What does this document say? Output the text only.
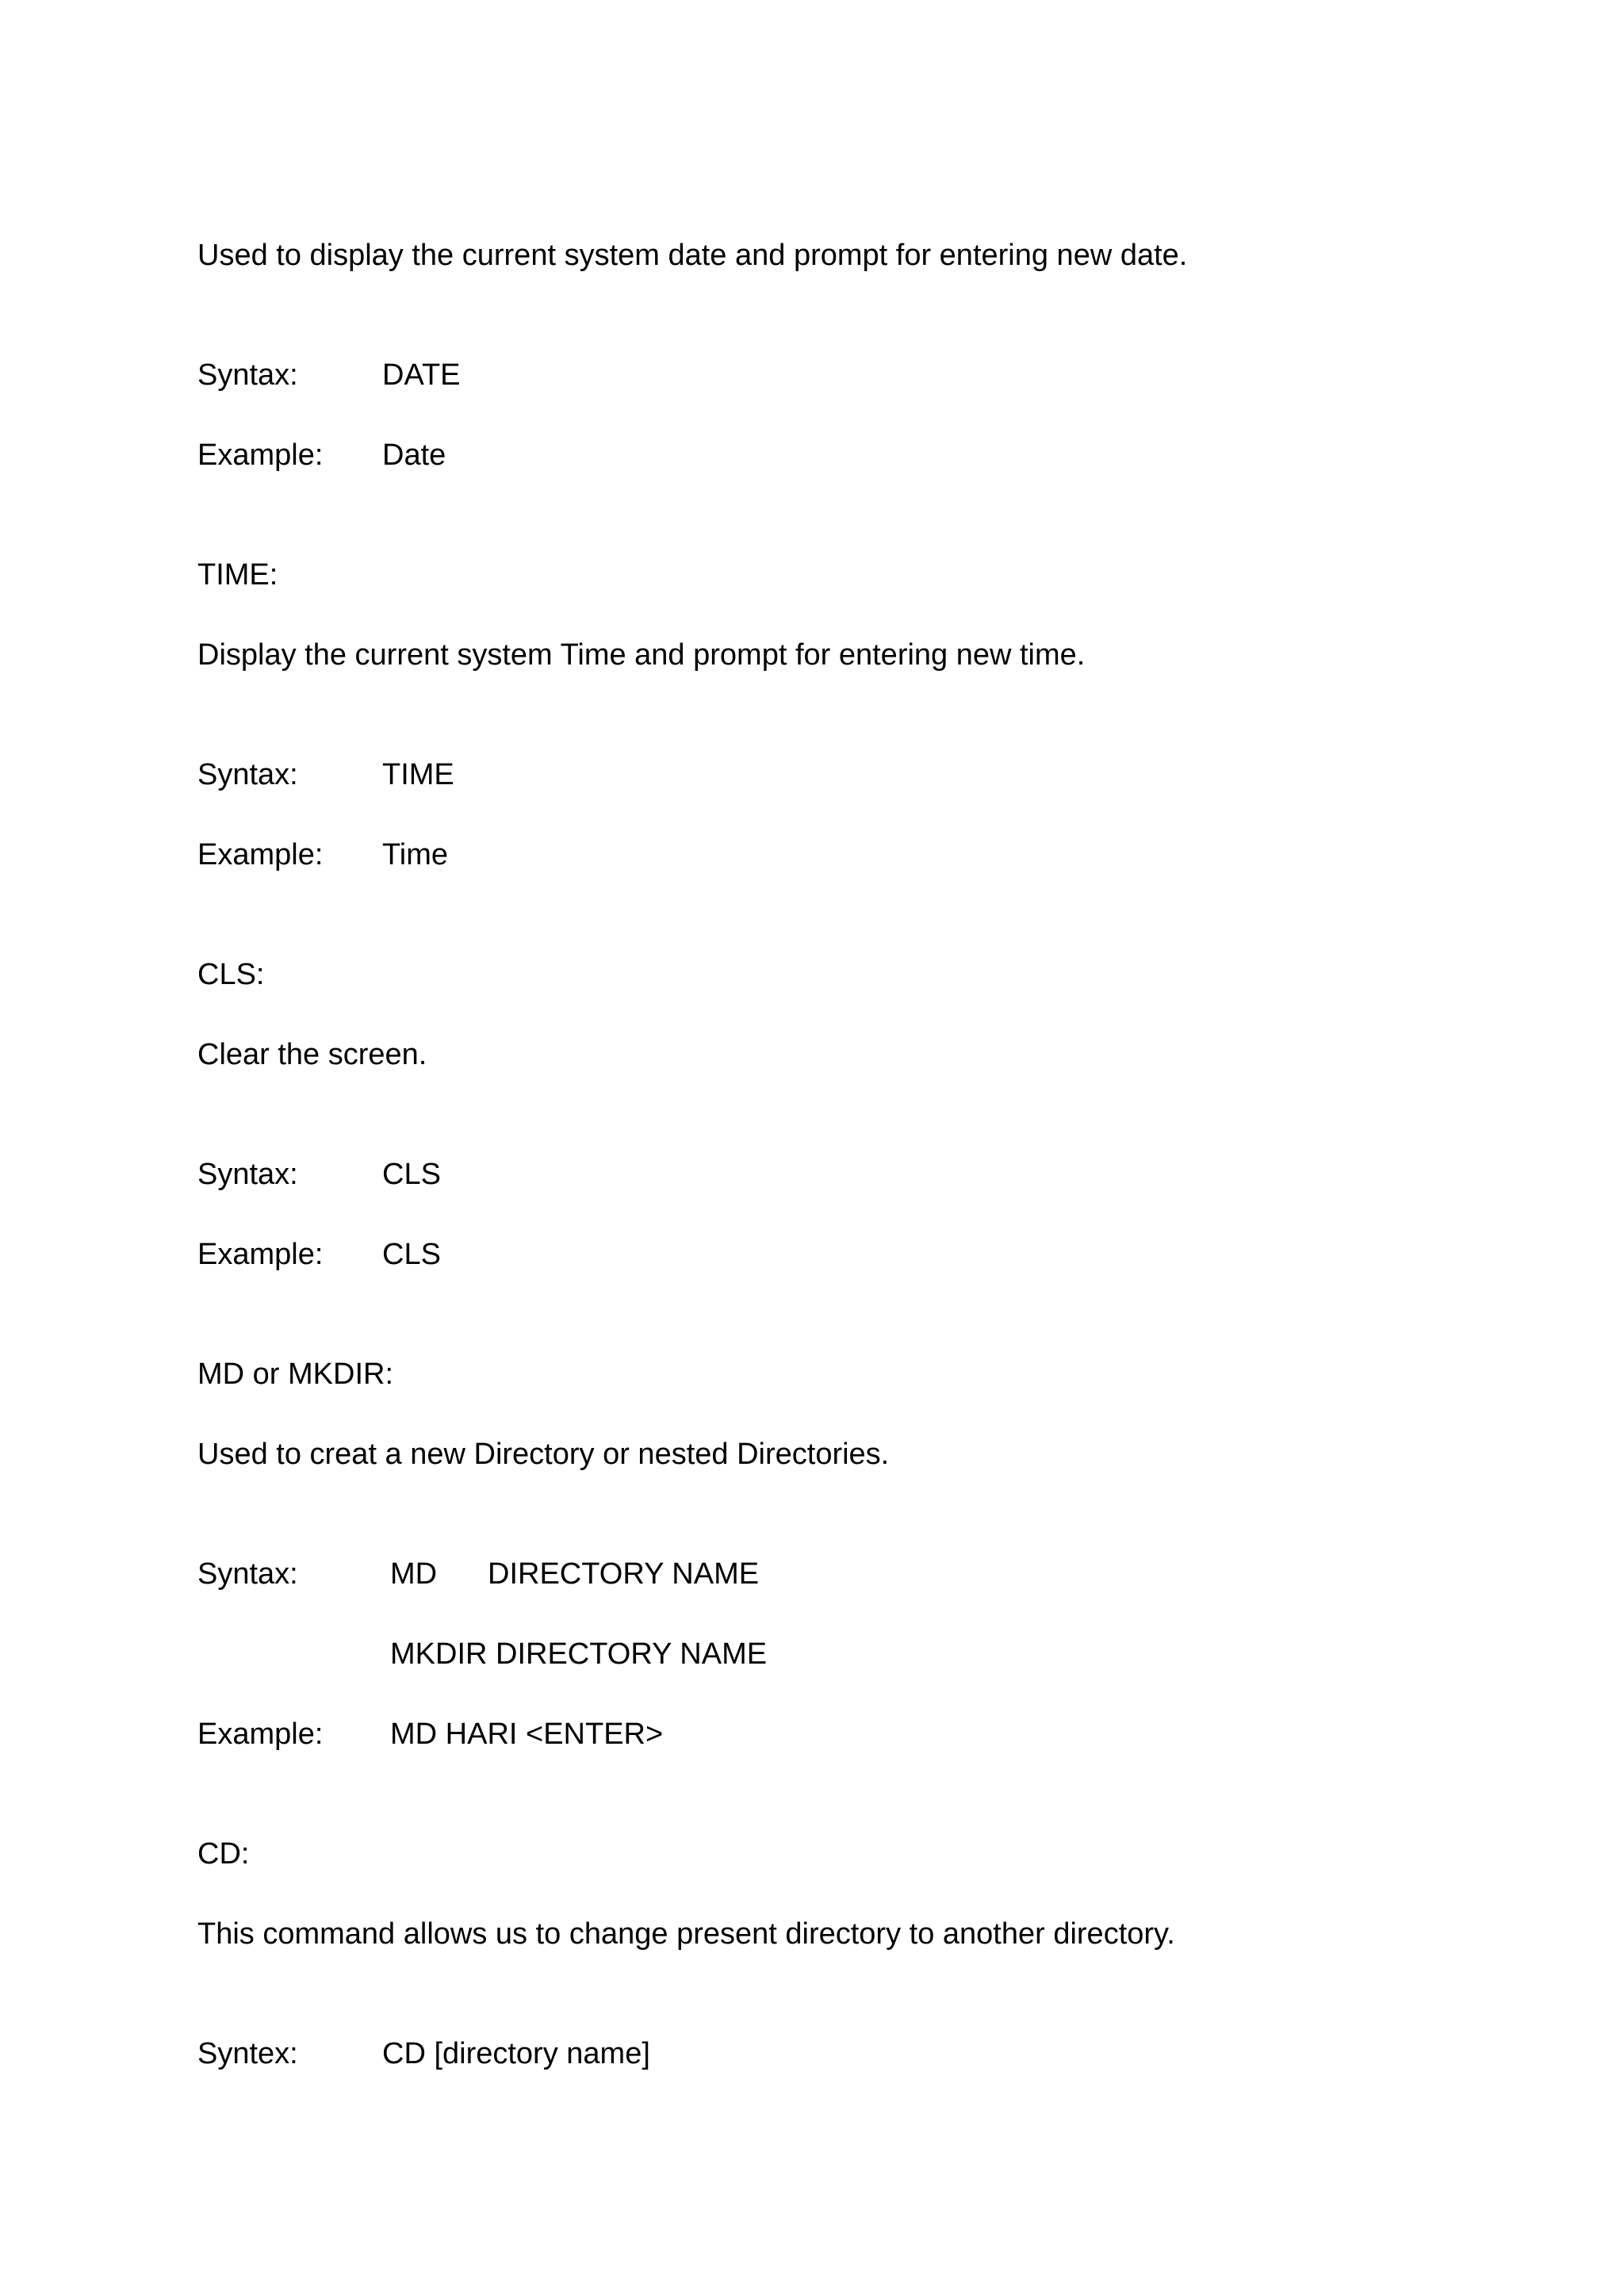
Used to display the current system date and prompt for entering new date.
Syntax:	DATE
Example: Date
TIME:
Display the current system Time and prompt for entering new time.
Syntax:	TIME
Example: Time
CLS:
Clear the screen.
Syntax:	CLS
Example: CLS
MD or MKDIR:
Used to creat a new Directory or nested Directories.
Syntax:	MD DIRECTORY NAME
MKDIR DIRECTORY NAME
Example: MD HARI <ENTER>
CD:
This command allows us to change present directory to another directory.
Syntex:	CD [directory name]
